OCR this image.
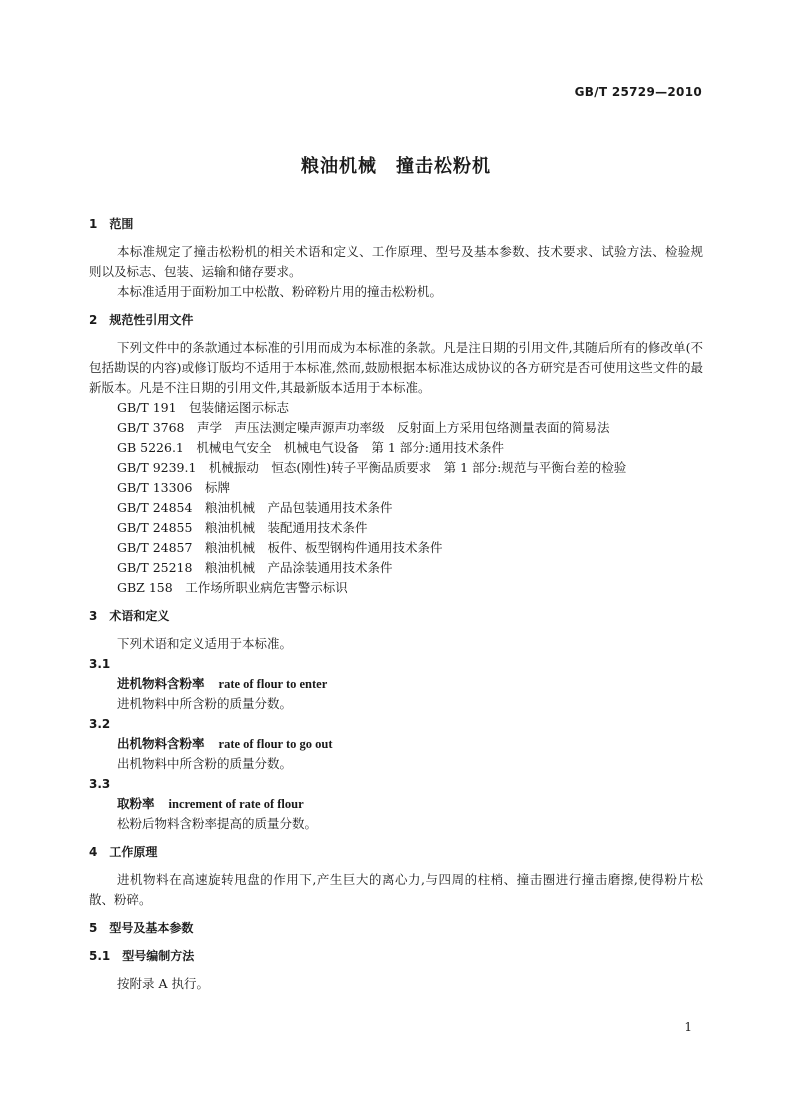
GB/T 25729—2010
粮油机械　撞击松粉机
1　范围

本标准规定了撞击松粉机的相关术语和定义、工作原理、型号及基本参数、技术要求、试验方法、检验规则以及标志、包装、运输和储存要求。

本标准适用于面粉加工中松散、粉碎粉片用的撞击松粉机。

2　规范性引用文件

下列文件中的条款通过本标准的引用而成为本标准的条款。凡是注日期的引用文件,其随后所有的修改单(不包括勘误的内容)或修订版均不适用于本标准,然而,鼓励根据本标准达成协议的各方研究是否可使用这些文件的最新版本。凡是不注日期的引用文件,其最新版本适用于本标准。

GB/T 191　包装储运图示标志

GB/T 3768　声学　声压法测定噪声源声功率级　反射面上方采用包络测量表面的简易法

GB 5226.1　机械电气安全　机械电气设备　第 1 部分:通用技术条件

GB/T 9239.1　机械振动　恒态(刚性)转子平衡品质要求　第 1 部分:规范与平衡台差的检验

GB/T 13306　标牌

GB/T 24854　粮油机械　产品包装通用技术条件

GB/T 24855　粮油机械　装配通用技术条件

GB/T 24857　粮油机械　板件、板型钢构件通用技术条件

GB/T 25218　粮油机械　产品涂装通用技术条件

GBZ 158　工作场所职业病危害警示标识

3　术语和定义

下列术语和定义适用于本标准。

3.1

进机物料含粉率 rate of flour to enter

进机物料中所含粉的质量分数。

3.2

出机物料含粉率 rate of flour to go out

出机物料中所含粉的质量分数。

3.3

取粉率 increment of rate of flour

松粉后物料含粉率提高的质量分数。

4　工作原理

进机物料在高速旋转甩盘的作用下,产生巨大的离心力,与四周的柱梢、撞击圈进行撞击磨擦,使得粉片松散、粉碎。

5　型号及基本参数
5.1　型号编制方法

按附录 A 执行。

1
